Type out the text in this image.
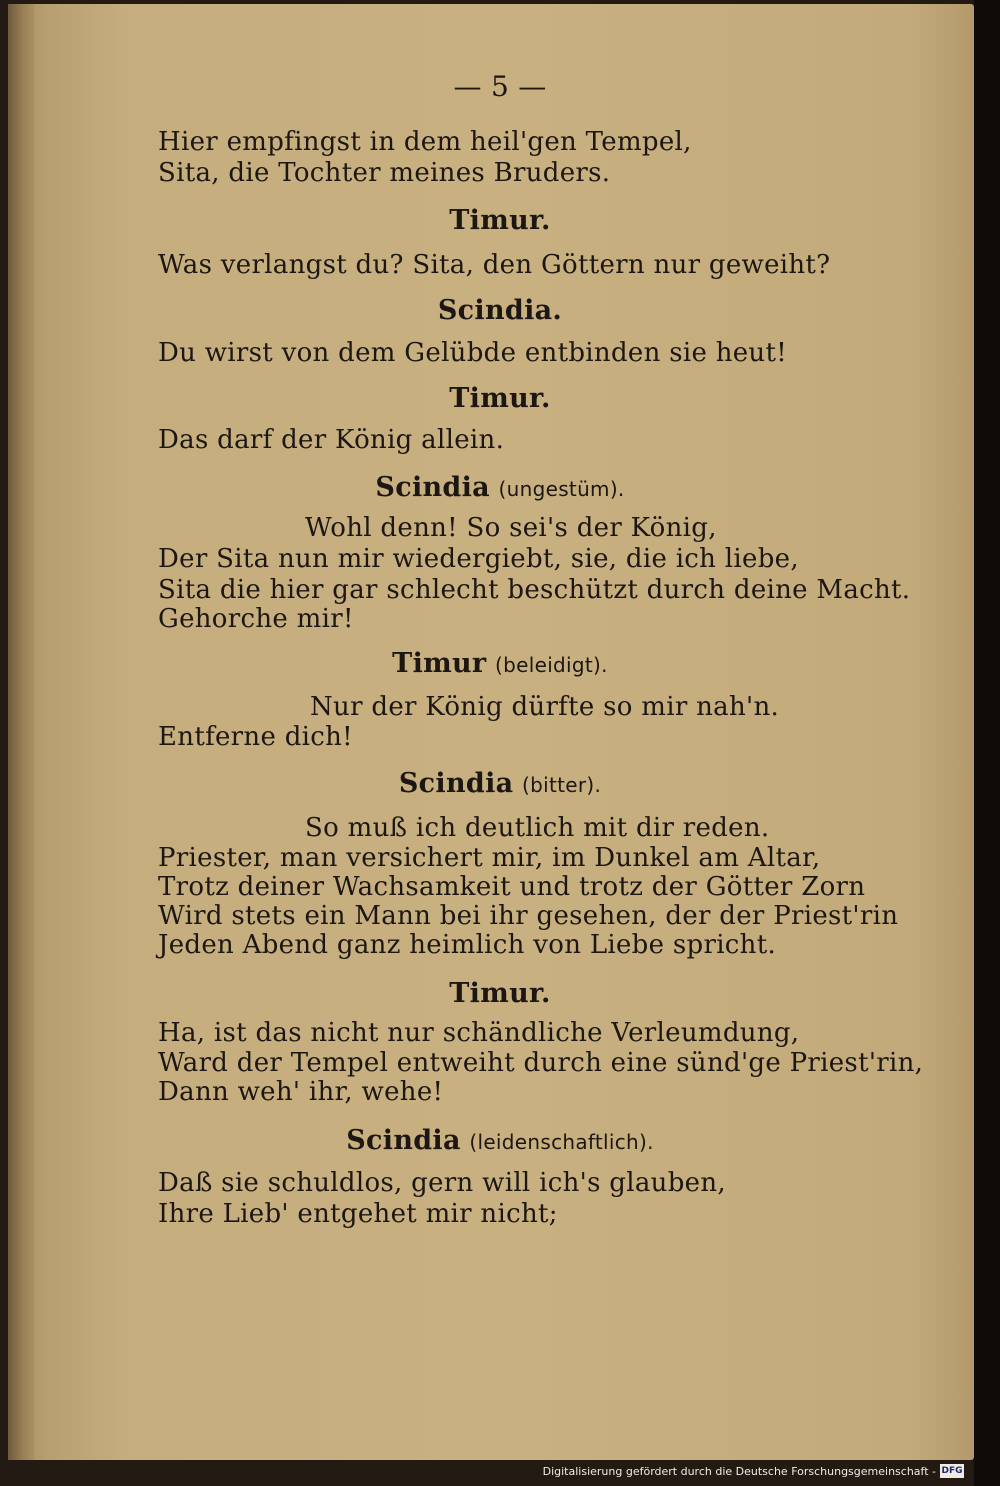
— 5 —
Hier empfingst in dem heil'gen Tempel,
Sita, die Tochter meines Bruders.
Timur.
Was verlangst du? Sita, den Göttern nur geweiht?
Scindia.
Du wirst von dem Gelübde entbinden sie heut!
Timur.
Das darf der König allein.
Scindia (ungestüm).
Wohl denn! So sei's der König,
Der Sita nun mir wiedergiebt, sie, die ich liebe,
Sita die hier gar schlecht beschützt durch deine Macht.
Gehorche mir!
Timur (beleidigt).
Nur der König dürfte so mir nah'n.
Entferne dich!
Scindia (bitter).
So muß ich deutlich mit dir reden.
Priester, man versichert mir, im Dunkel am Altar,
Trotz deiner Wachsamkeit und trotz der Götter Zorn
Wird stets ein Mann bei ihr gesehen, der der Priest'rin
Jeden Abend ganz heimlich von Liebe spricht.
Timur.
Ha, ist das nicht nur schändliche Verleumdung,
Ward der Tempel entweiht durch eine sünd'ge Priest'rin,
Dann weh' ihr, wehe!
Scindia (leidenschaftlich).
Daß sie schuldlos, gern will ich's glauben,
Ihre Lieb' entgehet mir nicht;
Digitalisierung gefördert durch die Deutsche Forschungsgemeinschaft - DFG
